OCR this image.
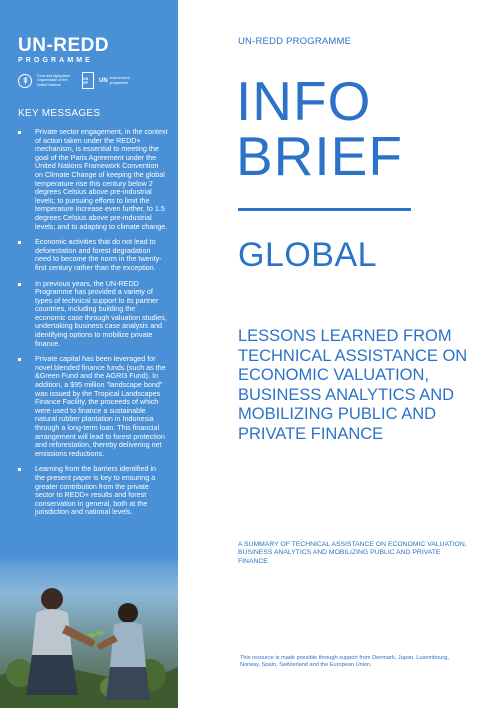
UN-REDD
PROGRAMME
Food and Agriculture Organization of the United Nations
UN DP	UN environment programme
KEY MESSAGES
Private sector engagement, in the context of action taken under the REDD+ mechanism, is essential to meeting the goal of the Paris Agreement under the United Nations Framework Convention on Climate Change of keeping the global temperature rise this century below 2 degrees Celsius above pre-industrial levels; to pursuing efforts to limit the temperature increase even further, to 1.5 degrees Celsius above pre-industrial levels; and to adapting to climate change.
Economic activities that do not lead to deforestation and forest degradation need to become the norm in the twenty-first century rather than the exception.
In previous years, the UN-REDD Programme has provided a variety of types of technical support to its partner countries, including building the economic case through valuation studies, undertaking business case analysis and identifying options to mobilize private finance.
Private capital has been leveraged for novel blended finance funds (such as the &Green Fund and the AGRI3 Fund). In addition, a $95 million "landscape bond" was issued by the Tropical Landscapes Finance Facility, the proceeds of which were used to finance a sustainable natural rubber plantation in Indonesia through a long-term loan. This financial arrangement will lead to forest protection and reforestation, thereby delivering net emissions reductions.
Learning from the barriers identified in the present paper is key to ensuring a greater contribution from the private sector to REDD+ results and forest conservation in general, both at the jurisdiction and national levels.
UN-REDD PROGRAMME
INFO
BRIEF
GLOBAL
LESSONS LEARNED FROM TECHNICAL ASSISTANCE ON ECONOMIC VALUATION, BUSINESS ANALYTICS AND MOBILIZING PUBLIC AND PRIVATE FINANCE
A SUMMARY OF TECHNICAL ASSISTANCE ON ECONOMIC VALUATION, BUSINESS ANALYTICS AND MOBILIZING PUBLIC AND PRIVATE FINANCE
This resource is made possible through support from Denmark, Japan, Luxembourg, Norway, Spain, Switzerland and the European Union.
